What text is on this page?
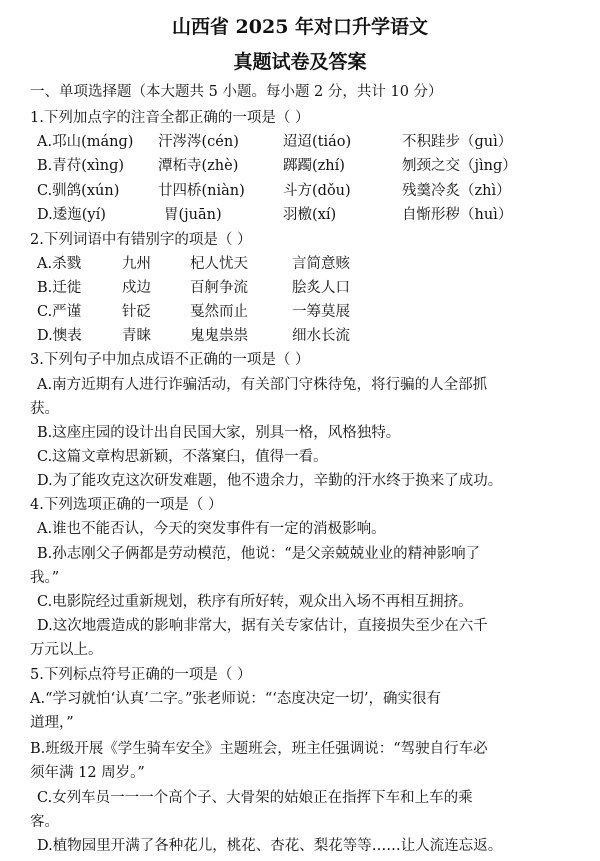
山西省 2025 年对口升学语文
真题试卷及答案
一、单项选择题（本大题共 5 小题。每小题 2 分，共计 10 分）
1.下列加点字的注音全都正确的一项是（ ）
A.邛山(mánɡ) 汗涔涔(cén)	迢迢(tiáo)	不积跬步（ɡuì）
B.青苻(xìnɡ) 潭柘寺(zhè)	踯躅(zhí)	刎颈之交（jìnɡ）
C.驯鸽(xún)	廿四桥(niàn)	斗方(dǒu)	残羹冷炙（zhì）
D.逶迤(yí)	胃(juān)	羽檄(xí)	自惭形秽（huì）
2.下列词语中有错别字的项是（ ）
A.杀戮	九州	杞人忧天	言简意赅
B.迁徙	戍边	百舸争流	脍炙人口
C.严谨	针砭	戛然而止	一筹莫展
D.懊表	青睐	鬼鬼祟祟	细水长流
3.下列句子中加点成语不正确的一项是（ ）
A.南方近期有人进行诈骗活动，有关部门守株待兔，将行骗的人全部抓
获。
B.这座庄园的设计出自民国大家，别具一格，风格独特。
C.这篇文章构思新颖，不落窠臼，值得一看。
D.为了能攻克这次研发难题，他不遗余力，辛勤的汗水终于换来了成功。
4.下列选项正确的一项是（ ）
A.谁也不能否认，今天的突发事件有一定的消极影响。
B.孙志刚父子俩都是劳动模范，他说：“是父亲兢兢业业的精神影响了
我。”
C.电影院经过重新规划，秩序有所好转，观众出入场不再相互拥挤。
D.这次地震造成的影响非常大，据有关专家估计，直接损失至少在六千
万元以上。
5.下列标点符号正确的一项是（ ）
A.“学习就怕‘认真’二字。”张老师说：“‘态度决定一切’，确实很有
道理，”
B.班级开展《学生骑车安全》主题班会，班主任强调说：“驾驶自行车必
须年满 12 周岁。”
C.女列车员一一一个高个子、大骨架的姑娘正在指挥下车和上车的乘
客。
D.植物园里开满了各种花儿，桃花、杏花、梨花等等……让人流连忘返。
